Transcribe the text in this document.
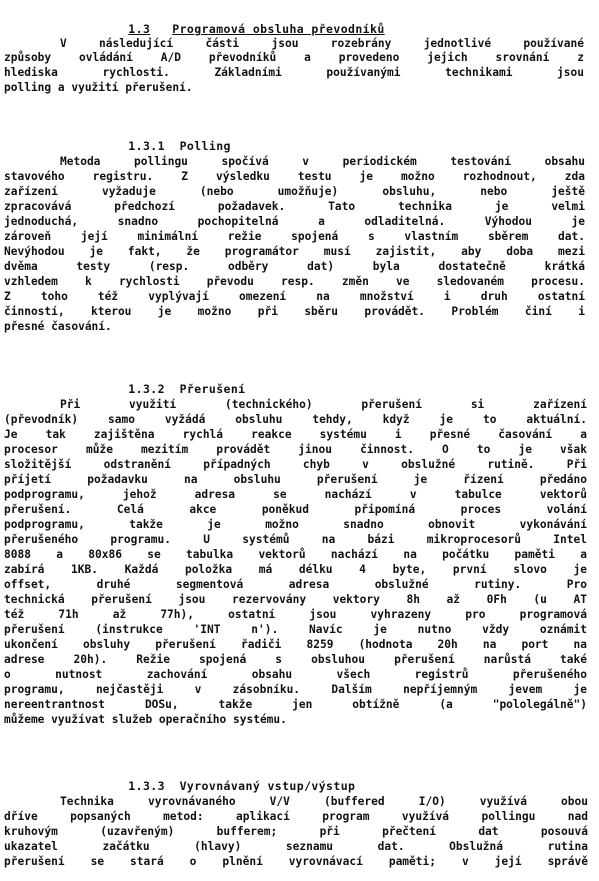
1.3 Programová obsluha převodníků

V následující části jsou rozebrány jednotlivé používané
způsoby ovládání A/D převodníků a provedeno jejich srovnání z
hlediska rychlosti. Základními používanými technikami jsou
polling a využití přerušení.

1.3.1 Polling

Metoda pollingu spočívá v periodickém testování obsahu
stavového registru. Z výsledku testu je možno rozhodnout, zda
zařízení vyžaduje (nebo umožňuje) obsluhu, nebo ještě
zpracovává předchozí požadavek. Tato technika je velmi
jednoduchá, snadno pochopitelná a odladitelná. Výhodou je
zároveň její minimální režie spojená s vlastním sběrem dat.
Nevýhodou je fakt, že programátor musí zajistit, aby doba mezi
dvěma testy (resp. odběry dat) byla dostatečně krátká
vzhledem k rychlosti převodu resp. změn ve sledovaném procesu.
Z toho též vyplývají omezení na množství i druh ostatní
činností, kterou je možno při sběru provádět. Problém činí i
přesné časování.

1.3.2 Přerušení

Při využití (technického) přerušení si zařízení
(převodník) samo vyžádá obsluhu tehdy, když je to aktuální.
Je tak zajištěna rychlá reakce systému i přesné časování a
procesor může mezitím provádět jinou činnost. O to je však
složitější odstranění případných chyb v obslužné rutině. Při
příjetí požadavku na obsluhu přerušení je řízení předáno
podprogramu, jehož adresa se nachází v tabulce vektorů
přerušení. Celá akce poněkud připomíná proces volání
podprogramu, takže je možno snadno obnovit vykonávání
přerušeného programu. U systémů na bázi mikroprocesorů Intel
8088 a 80x86 se tabulka vektorů nachází na počátku paměti a
zabírá 1KB. Každá položka má délku 4 byte, první slovo je
offset, druhé segmentová adresa obslužné rutiny. Pro
technická přerušení jsou rezervovány vektory 8h až 0Fh (u AT
též 71h až 77h), ostatní jsou vyhrazeny pro programová
přerušení (instrukce 'INT n'). Navíc je nutno vždy oznámit
ukončení obsluhy přerušení řadiči 8259 (hodnota 20h na port na
adrese 20h). Režie spojená s obsluhou přerušení narůstá také
o nutnost zachování obsahu všech registrů přerušeného
programu, nejčastěji v zásobníku. Dalším nepříjemným jevem je
nereentrantnost DOSu, takže jen obtížně (a "pololegálně")
můžeme využívat služeb operačního systému.

1.3.3 Vyrovnávaný vstup/výstup

Technika vyrovnávaného V/V (buffered I/O) využívá obou
dříve popsaných metod: aplikací program využívá pollingu nad
kruhovým (uzavřeným) bufferem; při přečtení dat posouvá
ukazatel začátku (hlavy) seznamu dat. Obslužná rutina
přerušení se stará o plnění vyrovnávací paměti; v její správě
